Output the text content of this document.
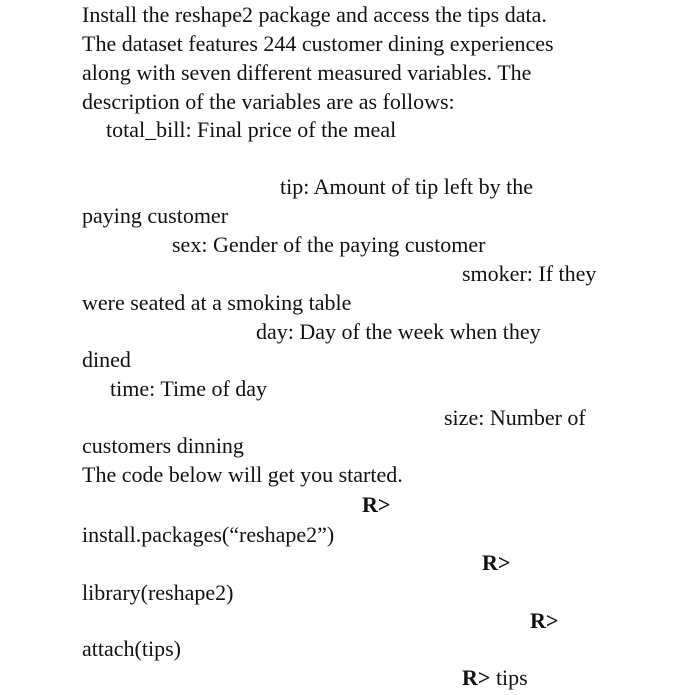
Install the reshape2 package and access the tips data.
The dataset features 244 customer dining experiences
along with seven different measured variables. The
description of the variables are as follows:
total_bill: Final price of the meal
tip: Amount of tip left by the
paying customer
sex: Gender of the paying customer
smoker: If they
were seated at a smoking table
day: Day of the week when they
dined
time: Time of day
size: Number of
customers dinning
The code below will get you started.
R>
install.packages(“reshape2”)
R>
library(reshape2)
R>
attach(tips)
R> tips
